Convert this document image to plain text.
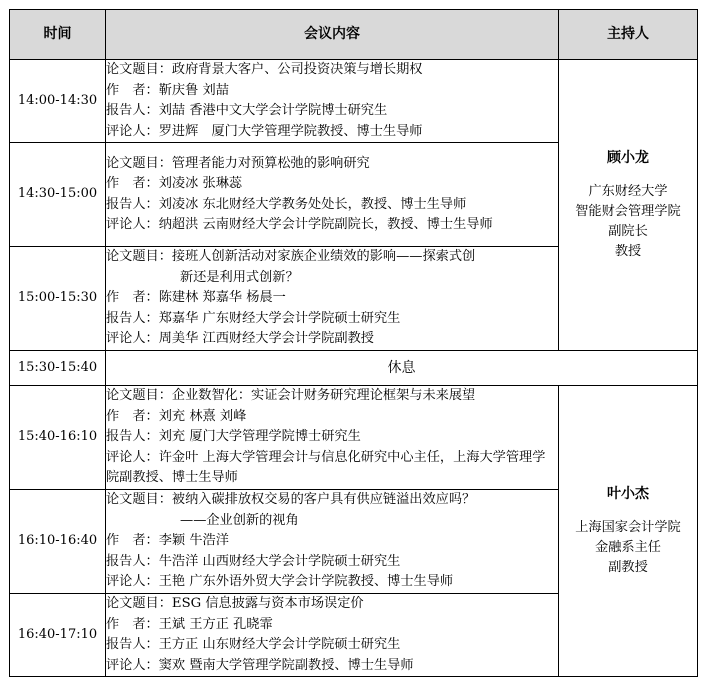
时间	会议内容	主持人
14:00-14:30	论文题目：政府背景大客户、公司投资决策与增长期权
作　者：靳庆鲁 刘喆
报告人：刘喆 香港中文大学会计学院博士研究生
评论人：罗进辉　厦门大学管理学院教授、博士生导师	顾小龙
广东财经大学
智能财会管理学院
副院长
教授

14:30-15:00	论文题目：管理者能力对预算松弛的影响研究
作　者：刘凌冰 张琳蕊
报告人：刘凌冰 东北财经大学教务处处长，教授、博士生导师
评论人：纳超洪 云南财经大学会计学院副院长，教授、博士生导师	

15:00-15:30	论文题目：接班人创新活动对家族企业绩效的影响——探索式创
新还是利用式创新？
作　者：陈建林 郑嘉华 杨晨一
报告人：郑嘉华 广东财经大学会计学院硕士研究生
评论人：周美华 江西财经大学会计学院副教授	

15:30-15:40	休息	
15:40-16:10	论文题目：企业数智化：实证会计财务研究理论框架与未来展望
作　者：刘充 林熹 刘峰
报告人：刘充 厦门大学管理学院博士研究生
评论人：许金叶 上海大学管理会计与信息化研究中心主任，上海大学管理学院副教授、博士生导师	叶小杰
上海国家会计学院
金融系主任
副教授

16:10-16:40	论文题目：被纳入碳排放权交易的客户具有供应链溢出效应吗？
——企业创新的视角
作　者：李颖 牛浩洋
报告人：牛浩洋 山西财经大学会计学院硕士研究生
评论人：王艳 广东外语外贸大学会计学院教授、博士生导师	

16:40-17:10	论文题目：ESG 信息披露与资本市场误定价
作　者：王斌 王方正 孔晓霏
报告人：王方正 山东财经大学会计学院硕士研究生
评论人：窦欢 暨南大学管理学院副教授、博士生导师	
